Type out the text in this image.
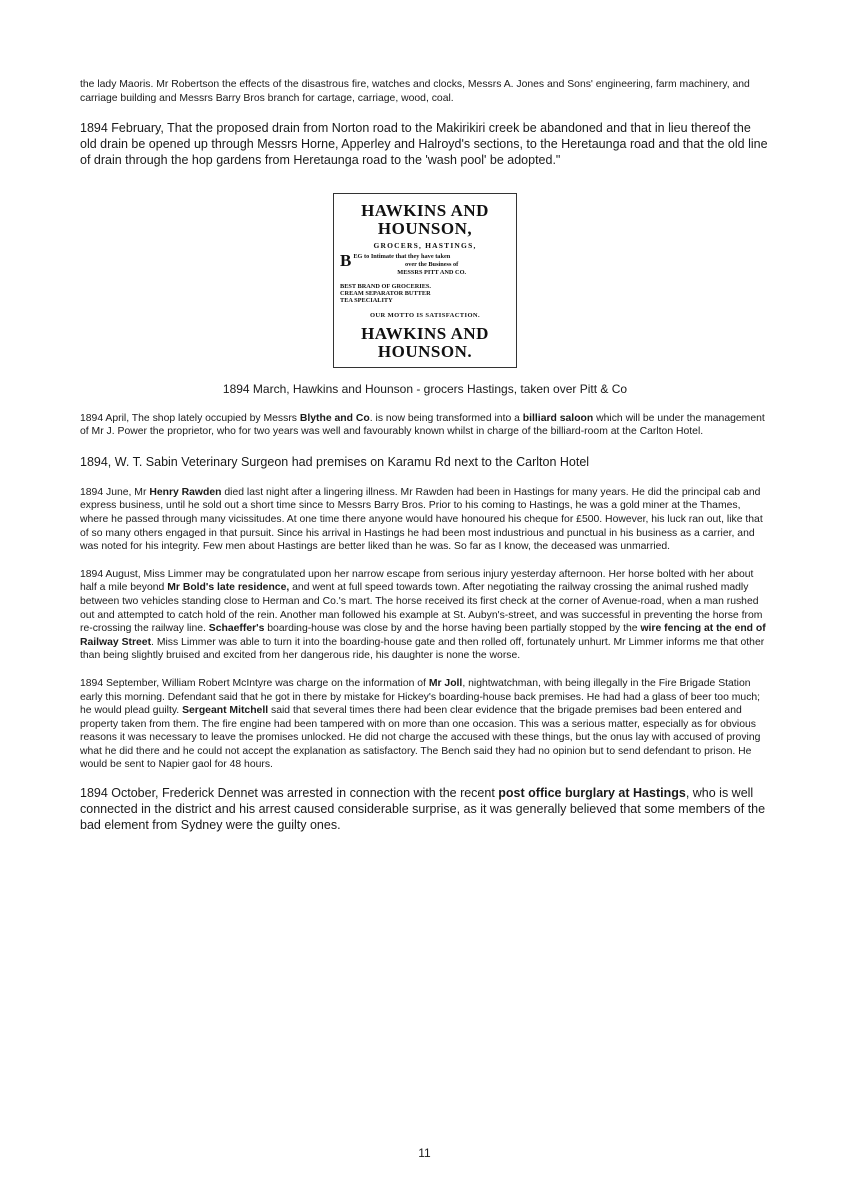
the lady Maoris. Mr Robertson the effects of the disastrous fire, watches and clocks, Messrs A. Jones and Sons' engineering, farm machinery, and carriage building and Messrs Barry Bros branch for cartage, carriage, wood, coal.

1894 February, That the proposed drain from Norton road to the Makirikiri creek be abandoned and that in lieu thereof the old drain be opened up through Messrs Horne, Apperley and Halroyd's sections, to the Heretaunga road and that the old line of drain through the hop gardens from Heretaunga road to the 'wash pool' be adopted."

HAWKINS AND
HOUNSON,
GROCERS, HASTINGS,
B EG to Intimate that they have taken
over the Business of
MESSRS PITT AND CO.
BEST BRAND OF GROCERIES.
CREAM SEPARATOR BUTTER
TEA SPECIALITY
OUR MOTTO IS SATISFACTION.
HAWKINS AND
HOUNSON.

1894 March, Hawkins and Hounson - grocers Hastings, taken over Pitt & Co

1894 April, The shop lately occupied by Messrs Blythe and Co. is now being transformed into a billiard saloon which will be under the management of Mr J. Power the proprietor, who for two years was well and favourably known whilst in charge of the billiard-room at the Carlton Hotel.

1894, W. T. Sabin Veterinary Surgeon had premises on Karamu Rd next to the Carlton Hotel

1894 June, Mr Henry Rawden died last night after a lingering illness. Mr Rawden had been in Hastings for many years. He did the principal cab and express business, until he sold out a short time since to Messrs Barry Bros. Prior to his coming to Hastings, he was a gold miner at the Thames, where he passed through many vicissitudes. At one time there anyone would have honoured his cheque for £500. However, his luck ran out, like that of so many others engaged in that pursuit. Since his arrival in Hastings he had been most industrious and punctual in his business as a carrier, and was noted for his integrity. Few men about Hastings are better liked than he was. So far as I know, the deceased was unmarried.

1894 August, Miss Limmer may be congratulated upon her narrow escape from serious injury yesterday afternoon. Her horse bolted with her about half a mile beyond Mr Bold's late residence, and went at full speed towards town. After negotiating the railway crossing the animal rushed madly between two vehicles standing close to Herman and Co.'s mart. The horse received its first check at the corner of Avenue-road, when a man rushed out and attempted to catch hold of the rein. Another man followed his example at St. Aubyn's-street, and was successful in preventing the horse from re-crossing the railway line. Schaeffer's boarding-house was close by and the horse having been partially stopped by the wire fencing at the end of Railway Street. Miss Limmer was able to turn it into the boarding-house gate and then rolled off, fortunately unhurt. Mr Limmer informs me that other than being slightly bruised and excited from her dangerous ride, his daughter is none the worse.

1894 September, William Robert McIntyre was charge on the information of Mr Joll, nightwatchman, with being illegally in the Fire Brigade Station early this morning. Defendant said that he got in there by mistake for Hickey's boarding-house back premises. He had had a glass of beer too much; he would plead guilty. Sergeant Mitchell said that several times there had been clear evidence that the brigade premises bad been entered and property taken from them. The fire engine had been tampered with on more than one occasion. This was a serious matter, especially as for obvious reasons it was necessary to leave the promises unlocked. He did not charge the accused with these things, but the onus lay with accused of proving what he did there and he could not accept the explanation as satisfactory. The Bench said they had no opinion but to send defendant to prison. He would be sent to Napier gaol for 48 hours.

1894 October, Frederick Dennet was arrested in connection with the recent post office burglary at Hastings, who is well connected in the district and his arrest caused considerable surprise, as it was generally believed that some members of the bad element from Sydney were the guilty ones.

11
